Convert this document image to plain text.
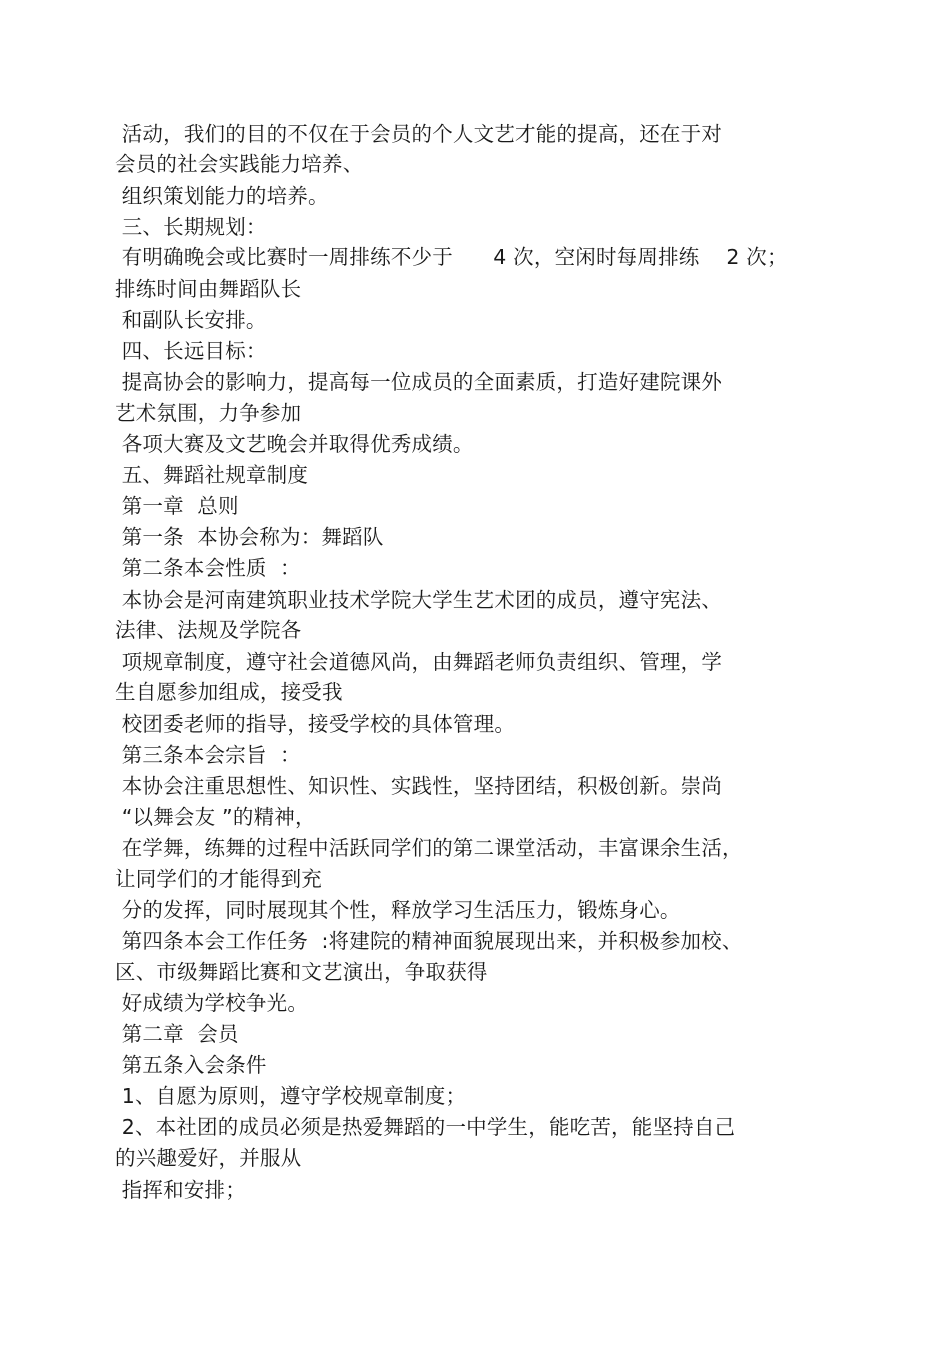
活动，我们的目的不仅在于会员的个人文艺才能的提高，还在于对
会员的社会实践能力培养、
组织策划能力的培养。
三、长期规划：
有明确晚会或比赛时一周排练不少于      4 次，空闲时每周排练    2 次；
排练时间由舞蹈队长
和副队长安排。
四、长远目标：
提高协会的影响力，提高每一位成员的全面素质，打造好建院课外
艺术氛围，力争参加
各项大赛及文艺晚会并取得优秀成绩。
五、舞蹈社规章制度
第一章  总则
第一条  本协会称为：舞蹈队
第二条本会性质  ：
本协会是河南建筑职业技术学院大学生艺术团的成员，遵守宪法、
法律、法规及学院各
项规章制度，遵守社会道德风尚，由舞蹈老师负责组织、管理，学
生自愿参加组成，接受我
校团委老师的指导，接受学校的具体管理。
第三条本会宗旨  ：
本协会注重思想性、知识性、实践性，坚持团结，积极创新。崇尚
“以舞会友 ”的精神，
在学舞，练舞的过程中活跃同学们的第二课堂活动，丰富课余生活，
让同学们的才能得到充
分的发挥，同时展现其个性，释放学习生活压力，锻炼身心。
第四条本会工作任务  :将建院的精神面貌展现出来，并积极参加校、
区、市级舞蹈比赛和文艺演出，争取获得
好成绩为学校争光。
第二章  会员
第五条入会条件
1、自愿为原则，遵守学校规章制度；
2、本社团的成员必须是热爱舞蹈的一中学生，能吃苦，能坚持自己
的兴趣爱好，并服从
指挥和安排；
